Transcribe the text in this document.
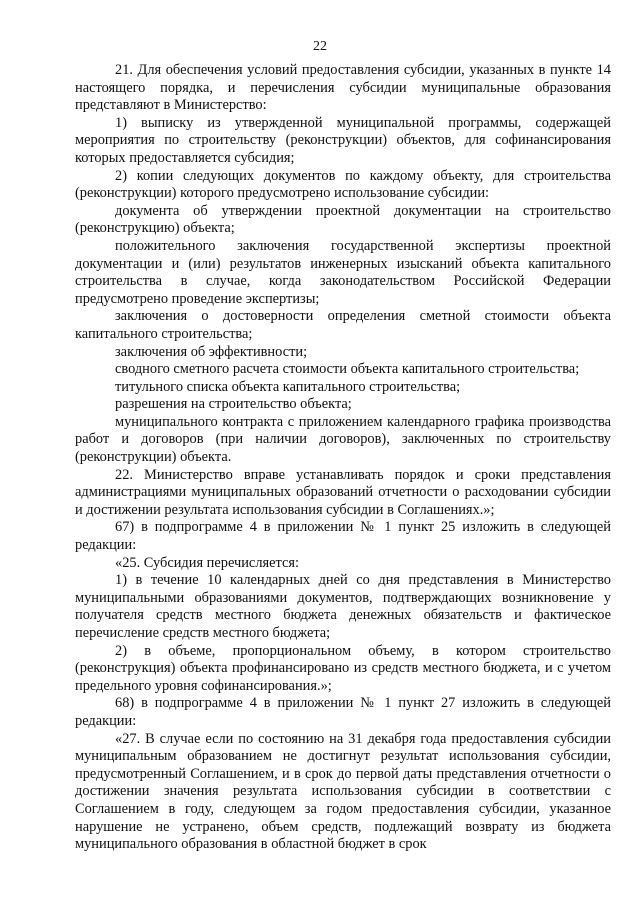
22

21. Для обеспечения условий предоставления субсидии, указанных в пункте 14 настоящего порядка, и перечисления субсидии муниципальные образования представляют в Министерство:

1) выписку из утвержденной муниципальной программы, содержащей мероприятия по строительству (реконструкции) объектов, для софинансирования которых предоставляется субсидия;

2) копии следующих документов по каждому объекту, для строительства (реконструкции) которого предусмотрено использование субсидии:

документа об утверждении проектной документации на строительство (реконструкцию) объекта;

положительного заключения государственной экспертизы проектной документации и (или) результатов инженерных изысканий объекта капитального строительства в случае, когда законодательством Российской Федерации предусмотрено проведение экспертизы;

заключения о достоверности определения сметной стоимости объекта капитального строительства;

заключения об эффективности;

сводного сметного расчета стоимости объекта капитального строительства;

титульного списка объекта капитального строительства;

разрешения на строительство объекта;

муниципального контракта с приложением календарного графика производства работ и договоров (при наличии договоров), заключенных по строительству (реконструкции) объекта.

22. Министерство вправе устанавливать порядок и сроки представления администрациями муниципальных образований отчетности о расходовании субсидии и достижении результата использования субсидии в Соглашениях.»;

67) в подпрограмме 4 в приложении № 1 пункт 25 изложить в следующей редакции:

«25. Субсидия перечисляется:

1) в течение 10 календарных дней со дня представления в Министерство муниципальными образованиями документов, подтверждающих возникновение у получателя средств местного бюджета денежных обязательств и фактическое перечисление средств местного бюджета;

2) в объеме, пропорциональном объему, в котором строительство (реконструкция) объекта профинансировано из средств местного бюджета, и с учетом предельного уровня софинансирования.»;

68) в подпрограмме 4 в приложении № 1 пункт 27 изложить в следующей редакции:

«27. В случае если по состоянию на 31 декабря года предоставления субсидии муниципальным образованием не достигнут результат использования субсидии, предусмотренный Соглашением, и в срок до первой даты представления отчетности о достижении значения результата использования субсидии в соответствии с Соглашением в году, следующем за годом предоставления субсидии, указанное нарушение не устранено, объем средств, подлежащий возврату из бюджета муниципального образования в областной бюджет в срок
